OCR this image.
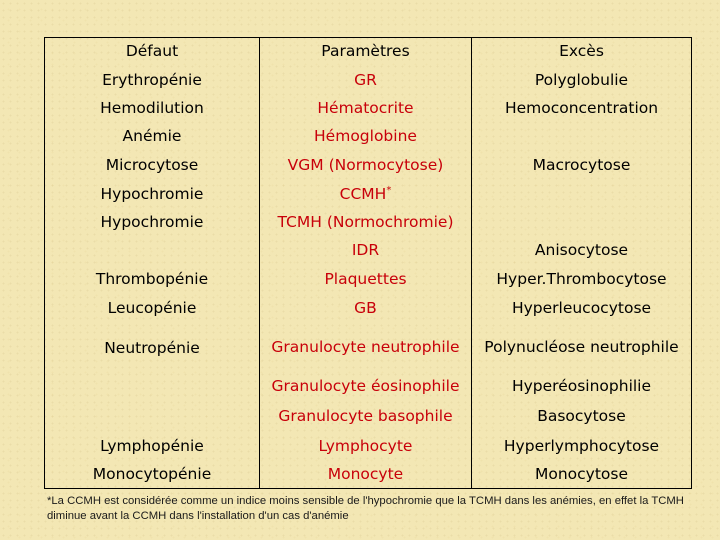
Défaut	Paramètres	Excès
Erythropénie	GR	Polyglobulie
Hemodilution	Hématocrite	Hemoconcentration
Anémie	Hémoglobine	
Microcytose	VGM (Normocytose)	Macrocytose
Hypochromie	CCMH*	
Hypochromie	TCMH (Normochromie)	
	IDR	Anisocytose
Thrombopénie	Plaquettes	Hyper.Thrombocytose
Leucopénie	GB	Hyperleucocytose
Neutropénie	Granulocyte neutrophile	Polynucléose neutrophile
	Granulocyte éosinophile	Hyperéosinophilie
	Granulocyte basophile	Basocytose
Lymphopénie	Lymphocyte	Hyperlymphocytose
Monocytopénie	Monocyte	Monocytose
*La CCMH est considérée comme un indice moins sensible de l'hypochromie que la TCMH dans les anémies, en effet la TCMH diminue avant la CCMH dans l'installation d'un cas d'anémie
